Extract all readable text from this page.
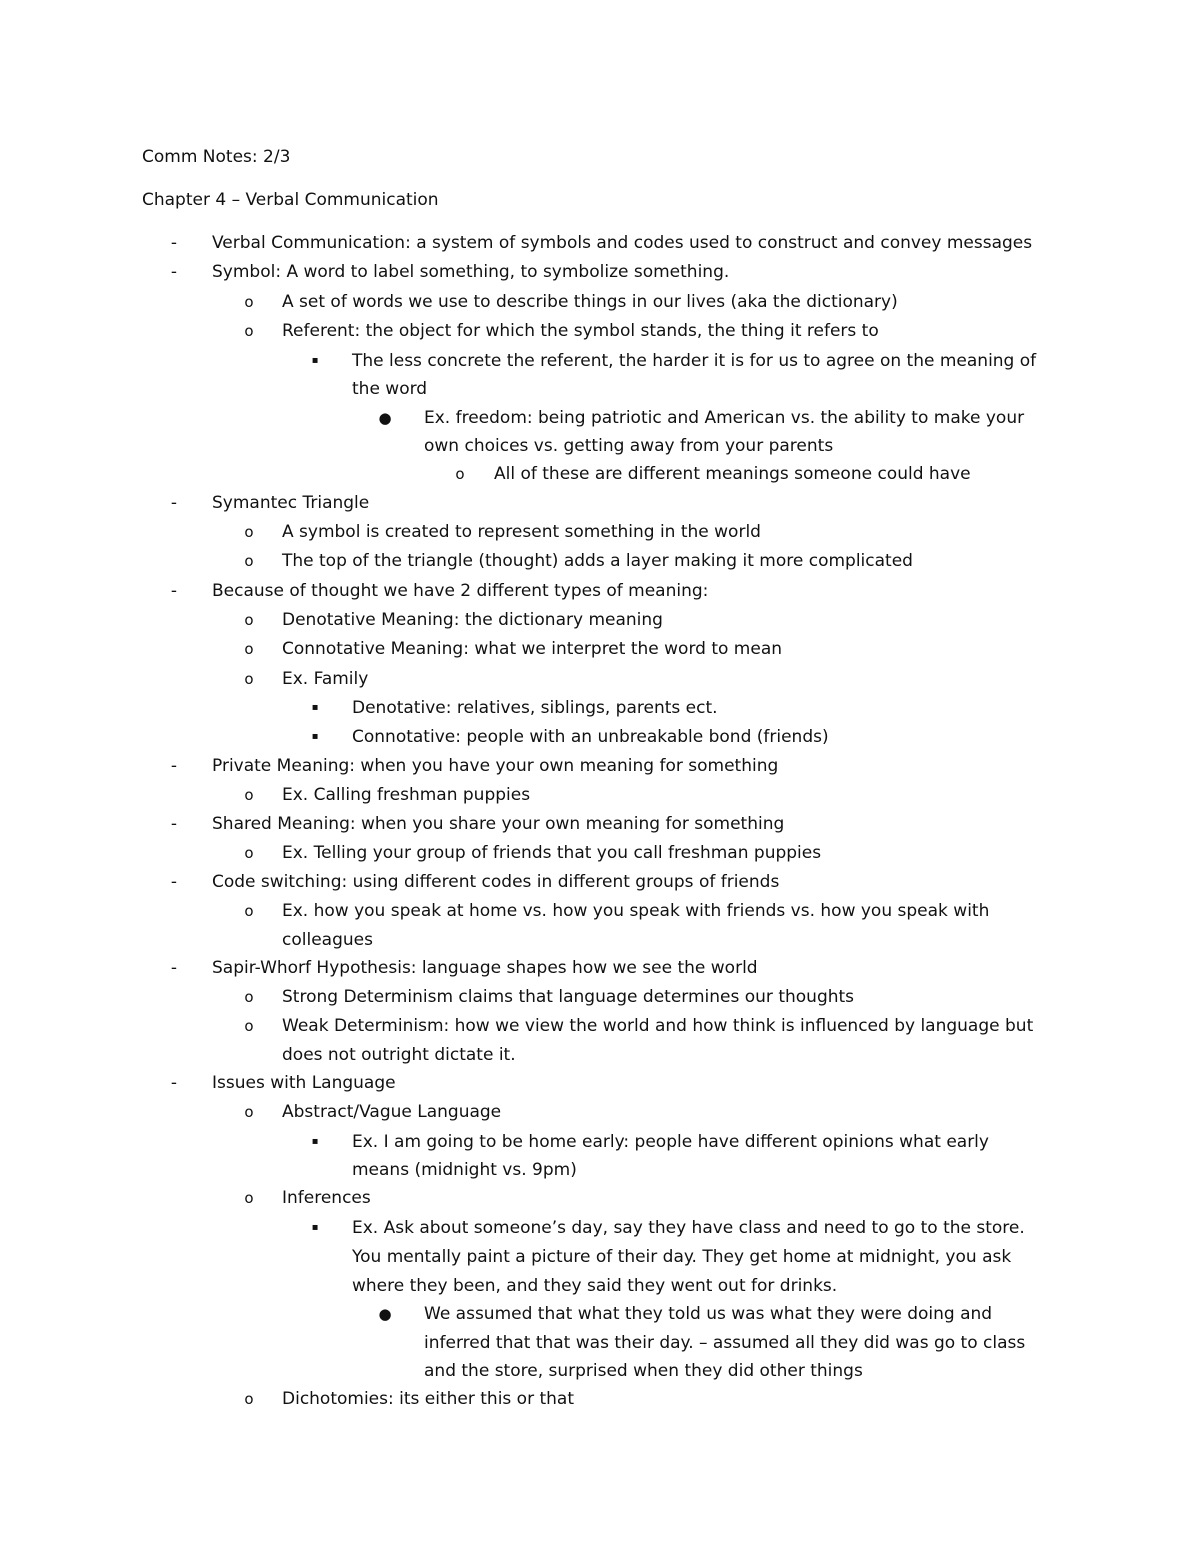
Comm Notes: 2/3
Chapter 4 – Verbal Communication
- Verbal Communication: a system of symbols and codes used to construct and convey messages
- Symbol: A word to label something, to symbolize something.
o A set of words we use to describe things in our lives (aka the dictionary)
o Referent: the object for which the symbol stands, the thing it refers to
▪ The less concrete the referent, the harder it is for us to agree on the meaning of
the word
● Ex. freedom: being patriotic and American vs. the ability to make your
own choices vs. getting away from your parents
o All of these are different meanings someone could have
- Symantec Triangle
o A symbol is created to represent something in the world
o The top of the triangle (thought) adds a layer making it more complicated
- Because of thought we have 2 different types of meaning:
o Denotative Meaning: the dictionary meaning
o Connotative Meaning: what we interpret the word to mean
o Ex. Family
▪ Denotative: relatives, siblings, parents ect.
▪ Connotative: people with an unbreakable bond (friends)
- Private Meaning: when you have your own meaning for something
o Ex. Calling freshman puppies
- Shared Meaning: when you share your own meaning for something
o Ex. Telling your group of friends that you call freshman puppies
- Code switching: using different codes in different groups of friends
o Ex. how you speak at home vs. how you speak with friends vs. how you speak with
colleagues
- Sapir-Whorf Hypothesis: language shapes how we see the world
o Strong Determinism claims that language determines our thoughts
o Weak Determinism: how we view the world and how think is influenced by language but
does not outright dictate it.
- Issues with Language
o Abstract/Vague Language
▪ Ex. I am going to be home early: people have different opinions what early
means (midnight vs. 9pm)
o Inferences
▪ Ex. Ask about someone’s day, say they have class and need to go to the store.
You mentally paint a picture of their day. They get home at midnight, you ask
where they been, and they said they went out for drinks.
● We assumed that what they told us was what they were doing and
inferred that that was their day. – assumed all they did was go to class
and the store, surprised when they did other things
o Dichotomies: its either this or that
